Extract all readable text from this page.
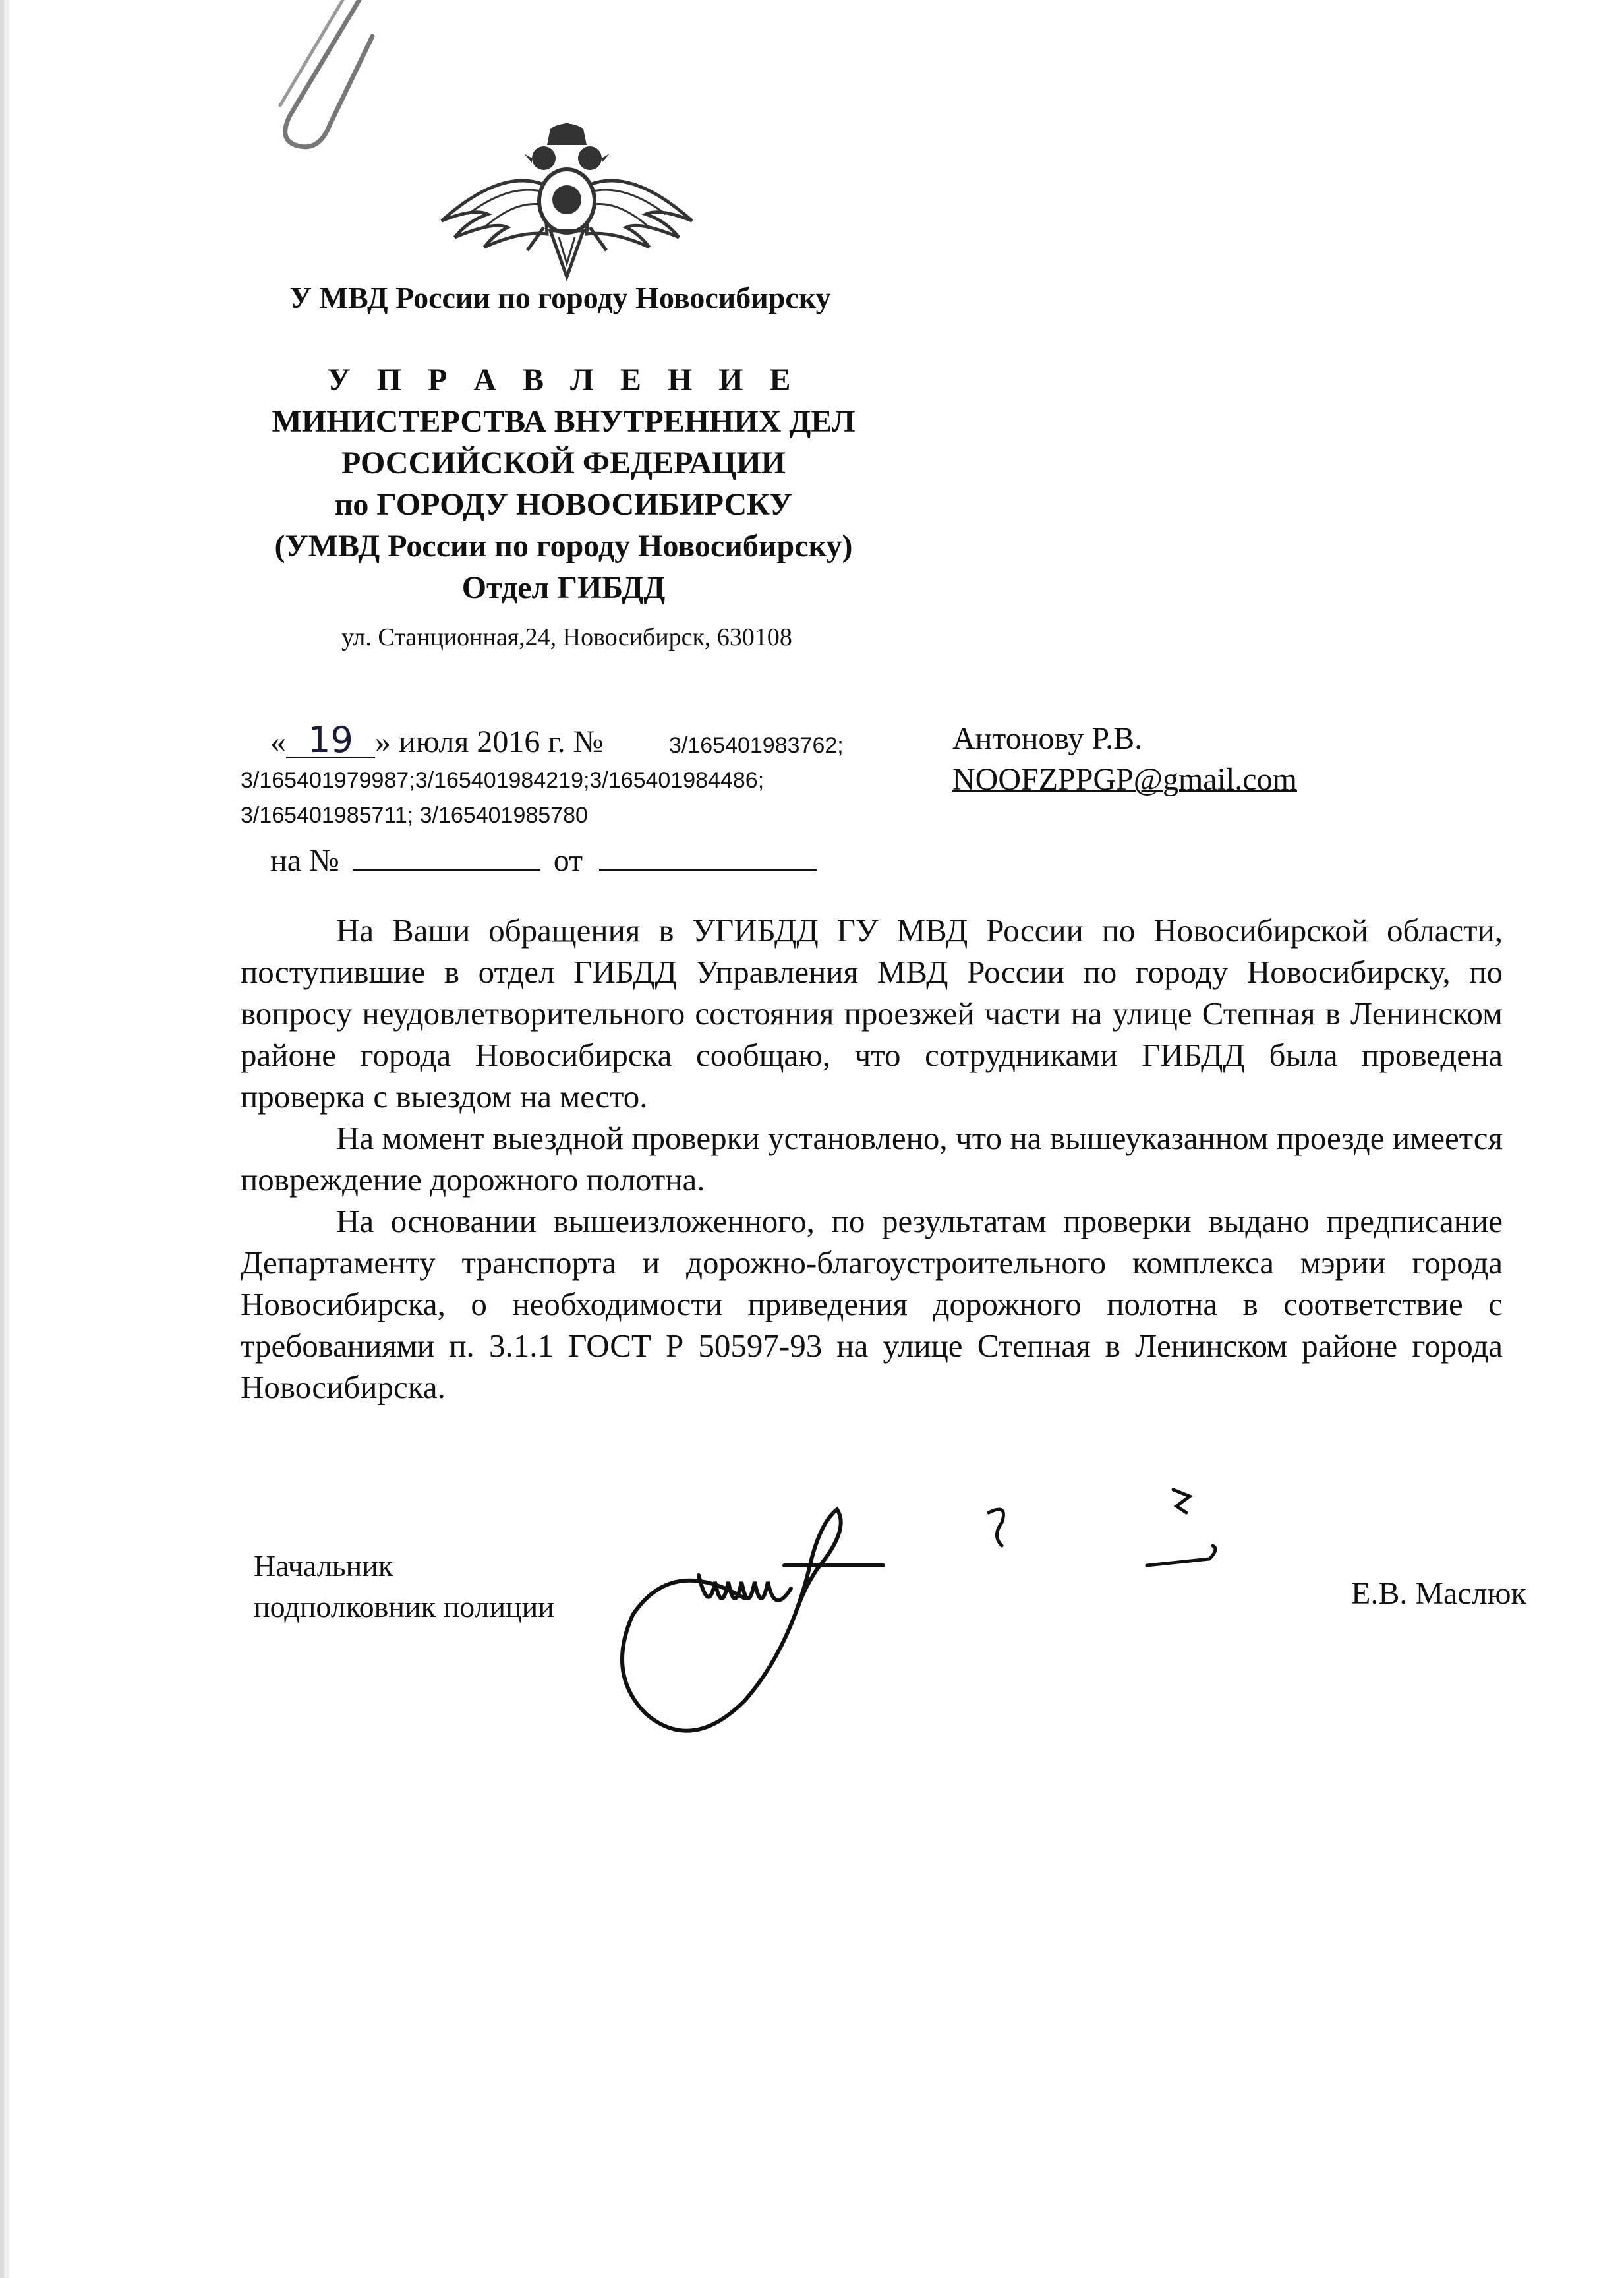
У МВД России по городу Новосибирску
У П Р А В Л Е Н И Е
МИНИСТЕРСТВА ВНУТРЕННИХ ДЕЛ
РОССИЙСКОЙ ФЕДЕРАЦИИ
по ГОРОДУ НОВОСИБИРСКУ
(УМВД России по городу Новосибирску)
Отдел ГИБДД
ул. Станционная,24, Новосибирск, 630108
« 19 » июля 2016 г. №	3/165401983762;
3/165401979987;3/165401984219;3/165401984486;
3/165401985711; 3/165401985780
на №	от
Антонову Р.В.
NOOFZPPGP@gmail.com

На Ваши обращения в УГИБДД ГУ МВД России по Новосибирской области, поступившие в отдел ГИБДД Управления МВД России по городу Новосибирску, по вопросу неудовлетворительного состояния проезжей части на улице Степная в Ленинском районе города Новосибирска сообщаю, что сотрудниками ГИБДД была проведена проверка с выездом на место.

На момент выездной проверки установлено, что на вышеуказанном проезде имеется повреждение дорожного полотна.

На основании вышеизложенного, по результатам проверки выдано предписание Департаменту транспорта и дорожно-благоустроительного комплекса мэрии города Новосибирска, о необходимости приведения дорожного полотна в соответствие с требованиями п. 3.1.1 ГОСТ Р 50597-93 на улице Степная в Ленинском районе города Новосибирска.

Начальник
подполковник полиции	Е.В. Маслюк
